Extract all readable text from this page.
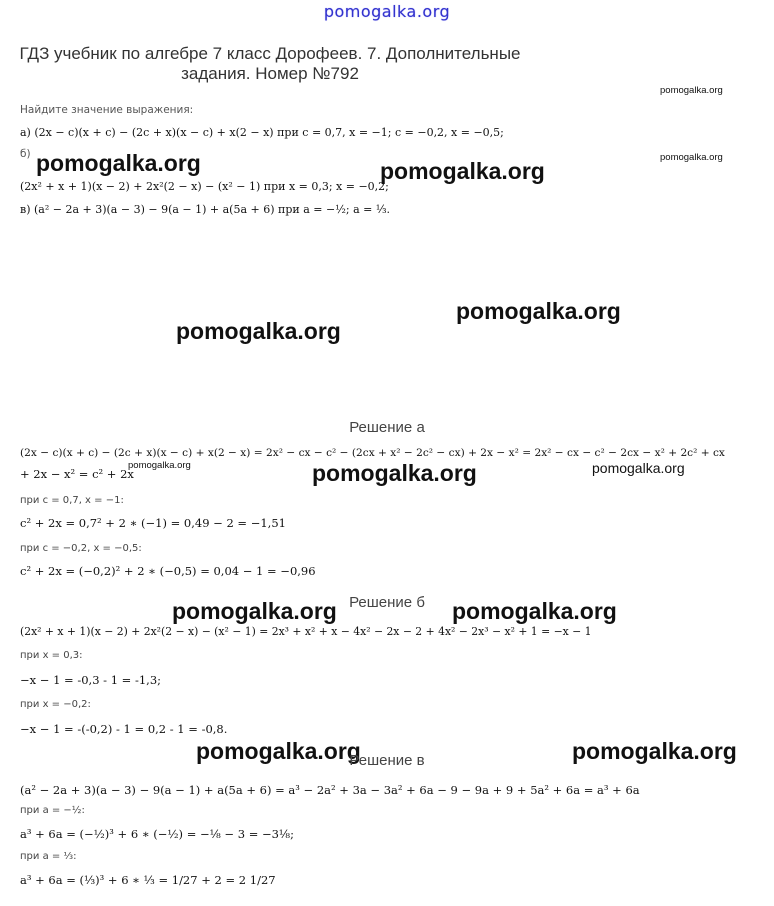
pomogalka.org
ГДЗ учебник по алгебре 7 класс Дорофеев. 7. Дополнительные
задания. Номер №792
pomogalka.org
Найдите значение выражения:
а) (2x − c)(x + c) − (2c + x)(x − c) + x(2 − x) при c = 0,7, x = −1; c = −0,2, x = −0,5;
б) pomogalka.org	pomogalka.org
pomogalka.org
(2x² + x + 1)(x − 2) + 2x²(2 − x) − (x² − 1) при x = 0,3; x = −0,2;
в) (a² − 2a + 3)(a − 3) − 9(a − 1) + a(5a + 6) при a = −½; a = ⅓.
pomogalka.org
pomogalka.org
Решение а
(2x − c)(x + c) − (2c + x)(x − c) + x(2 − x) = 2x² − cx − c² − (2cx + x² − 2c² − cx) + 2x − x² = 2x² − cx − c² − 2cx − x² + 2c² + cx
+ 2x − x² = c² + 2x
pomogalka.org	pomogalka.org	pomogalka.org
при c = 0,7, x = −1:
c² + 2x = 0,7² + 2 ∗ (−1) = 0,49 − 2 = −1,51
при c = −0,2, x = −0,5:
c² + 2x = (−0,2)² + 2 ∗ (−0,5) = 0,04 − 1 = −0,96
Решение б
pomogalka.org	pomogalka.org
(2x² + x + 1)(x − 2) + 2x²(2 − x) − (x² − 1) = 2x³ + x² + x − 4x² − 2x − 2 + 4x² − 2x³ − x² + 1 = −x − 1
при x = 0,3:
−x − 1 = -0,3 - 1 = -1,3;
при x = −0,2:
−x − 1 = -(-0,2) - 1 = 0,2 - 1 = -0,8.
pomogalka.org
Решение в	pomogalka.org
(a² − 2a + 3)(a − 3) − 9(a − 1) + a(5a + 6) = a³ − 2a² + 3a − 3a² + 6a − 9 − 9a + 9 + 5a² + 6a = a³ + 6a
при a = −½:
a³ + 6a = (−½)³ + 6 ∗ (−½) = −⅛ − 3 = −3⅛;
при a = ⅓:
a³ + 6a = (⅓)³ + 6 ∗ ⅓ = 1/27 + 2 = 2 1/27
